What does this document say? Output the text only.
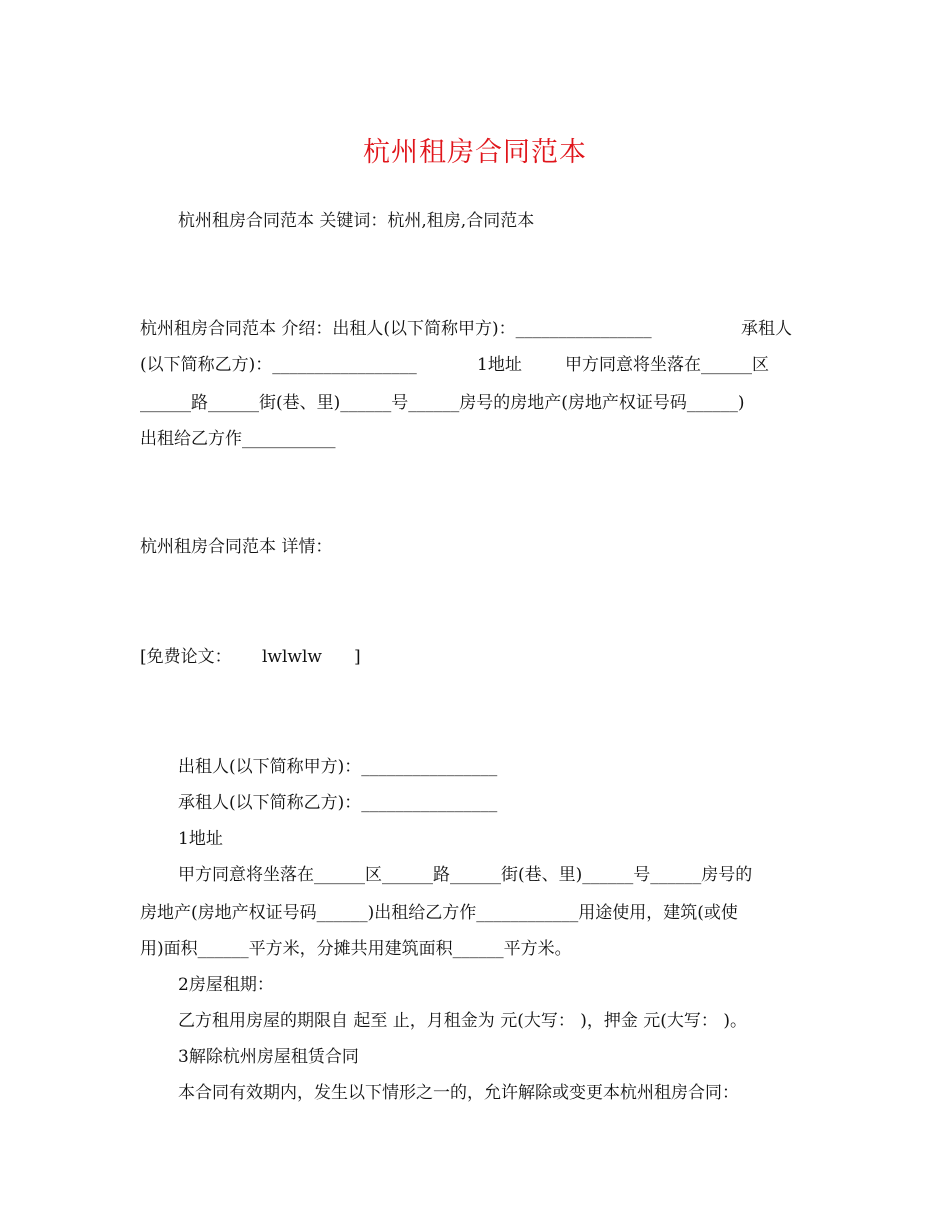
杭州租房合同范本
杭州租房合同范本 关键词：杭州,租房,合同范本
杭州租房合同范本 介绍：出租人(以下简称甲方)：________________	承租人
(以下简称乙方)：_________________	1地址	甲方同意将坐落在______区
______路______街(巷、里)______号______房号的房地产(房地产权证号码______)
出租给乙方作___________
杭州租房合同范本 详情：
[免费论文： lwlwlw ]
出租人(以下简称甲方)：________________
承租人(以下简称乙方)：________________
1地址
甲方同意将坐落在______区______路______街(巷、里)______号______房号的
房地产(房地产权证号码______)出租给乙方作____________用途使用，建筑(或使
用)面积______平方米，分摊共用建筑面积______平方米。
2房屋租期：
乙方租用房屋的期限自 起至 止，月租金为 元(大写： )，押金 元(大写： )。
3解除杭州房屋租赁合同
本合同有效期内，发生以下情形之一的，允许解除或变更本杭州租房合同：
